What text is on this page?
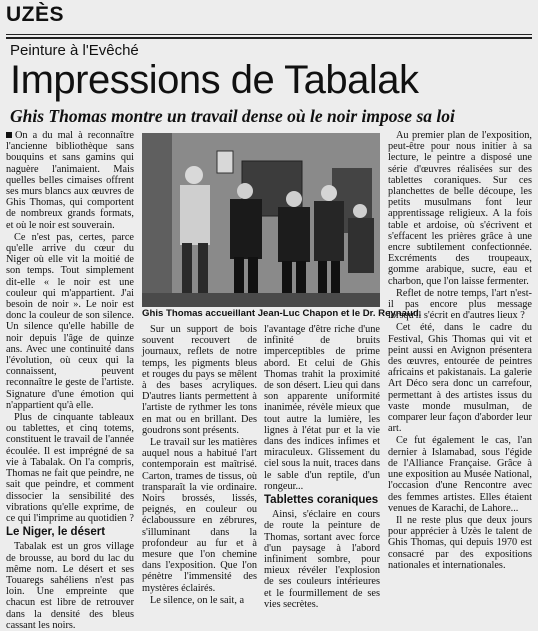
UZÈS
Peinture à l'Evêché
Impressions de Tabalak
Ghis Thomas montre un travail dense où le noir impose sa loi

On a du mal à reconnaître l'ancienne bibliothèque sans bouquins et sans gamins qui naguère l'animaient. Mais quelles belles cimaises offrent ses murs blancs aux œuvres de Ghis Thomas, qui comportent de nombreux grands formats, et où le noir est souverain.

Ce n'est pas, certes, parce qu'elle arrive du cœur du Niger où elle vit la moitié de son temps. Tout simplement dit-elle « le noir est une couleur qui m'appartient. J'ai besoin de noir ». Le noir est donc la couleur de son silence. Un silence qu'elle habille de noir depuis l'âge de quinze ans. Avec une continuité dans l'évolution, où ceux qui la connaissent, peuvent reconnaître le geste de l'artiste. Signature d'une émotion qui n'appartient qu'à elle.

Plus de cinquante tableaux ou tablettes, et cinq totems, constituent le travail de l'année écoulée. Il est imprégné de sa vie à Tabalak. On l'a compris, Thomas ne fait que peindre, ne sait que peindre, et comment dissocier la sensibilité des vibrations qu'elle exprime, de ce qui l'imprime au quotidien ?

Le Niger, le désert

Tabalak est un gros village de brousse, au bord du lac du même nom. Le désert et ses Touaregs sahéliens n'est pas loin. Une empreinte que chacun est libre de retrouver dans la densité des bleus cassant les noirs.

Ghis Thomas accueillant Jean-Luc Chapon et le Dr. Reynaud.

Sur un support de bois souvent recouvert de journaux, reflets de notre temps, les pigments bleus et rouges du pays se mêlent à des bases acryliques. D'autres liants permettent à l'artiste de rythmer les tons en mat ou en brillant. Des goudrons sont présents.

Le travail sur les matières auquel nous a habitué l'art contemporain est maîtrisé. Carton, trames de tissus, où transparaît la vie ordinaire. Noirs brossés, lissés, peignés, en couleur ou éclaboussure en zébrures, s'illuminant dans la profondeur au fur et à mesure que l'on chemine dans l'exposition. Que l'on pénètre l'immensité des mystères éclairés.

Le silence, on le sait, a

l'avantage d'être riche d'une infinité de bruits imperceptibles de prime abord. Et celui de Ghis Thomas trahit la proximité de son désert. Lieu qui dans son apparente uniformité inanimée, révèle mieux que tout autre la lumière, les lignes à l'état pur et la vie dans des indices infimes et miraculeux. Glissement du ciel sous la nuit, traces dans le sable d'un reptile, d'un rongeur...

Tablettes coraniques

Ainsi, s'éclaire en cours de route la peinture de Thomas, sortant avec force d'un paysage à l'abord infiniment sombre, pour mieux révéler l'explosion de ses couleurs intérieures et le fourmillement de ses vies secrètes.

Au premier plan de l'exposition, peut-être pour nous initier à sa lecture, le peintre a disposé une série d'œuvres réalisées sur des tablettes coraniques. Sur ces planchettes de belle découpe, les petits musulmans font leur apprentissage religieux. A la fois table et ardoise, où s'écrivent et s'effacent les prières grâce à une encre subtilement confectionnée. Excréments des troupeaux, gomme arabique, sucre, eau et charbon, que l'on laisse fermenter.

Reflet de notre temps, l'art n'est-il pas encore plus message lorsqu'il s'écrit en d'autres lieux ?

Cet été, dans le cadre du Festival, Ghis Thomas qui vit et peint aussi en Avignon présentera des œuvres, entourée de peintres africains et pakistanais. La galerie Art Déco sera donc un carrefour, permettant à des artistes issus du vaste monde musulman, de comparer leur façon d'aborder leur art.

Ce fut également le cas, l'an dernier à Islamabad, sous l'égide de l'Alliance Française. Grâce à une exposition au Musée National, l'occasion d'une Rencontre avec des femmes artistes. Elles étaient venues de Karachi, de Lahore...

Il ne reste plus que deux jours pour apprécier à Uzès le talent de Ghis Thomas, qui depuis 1970 est consacré par des expositions nationales et internationales.
